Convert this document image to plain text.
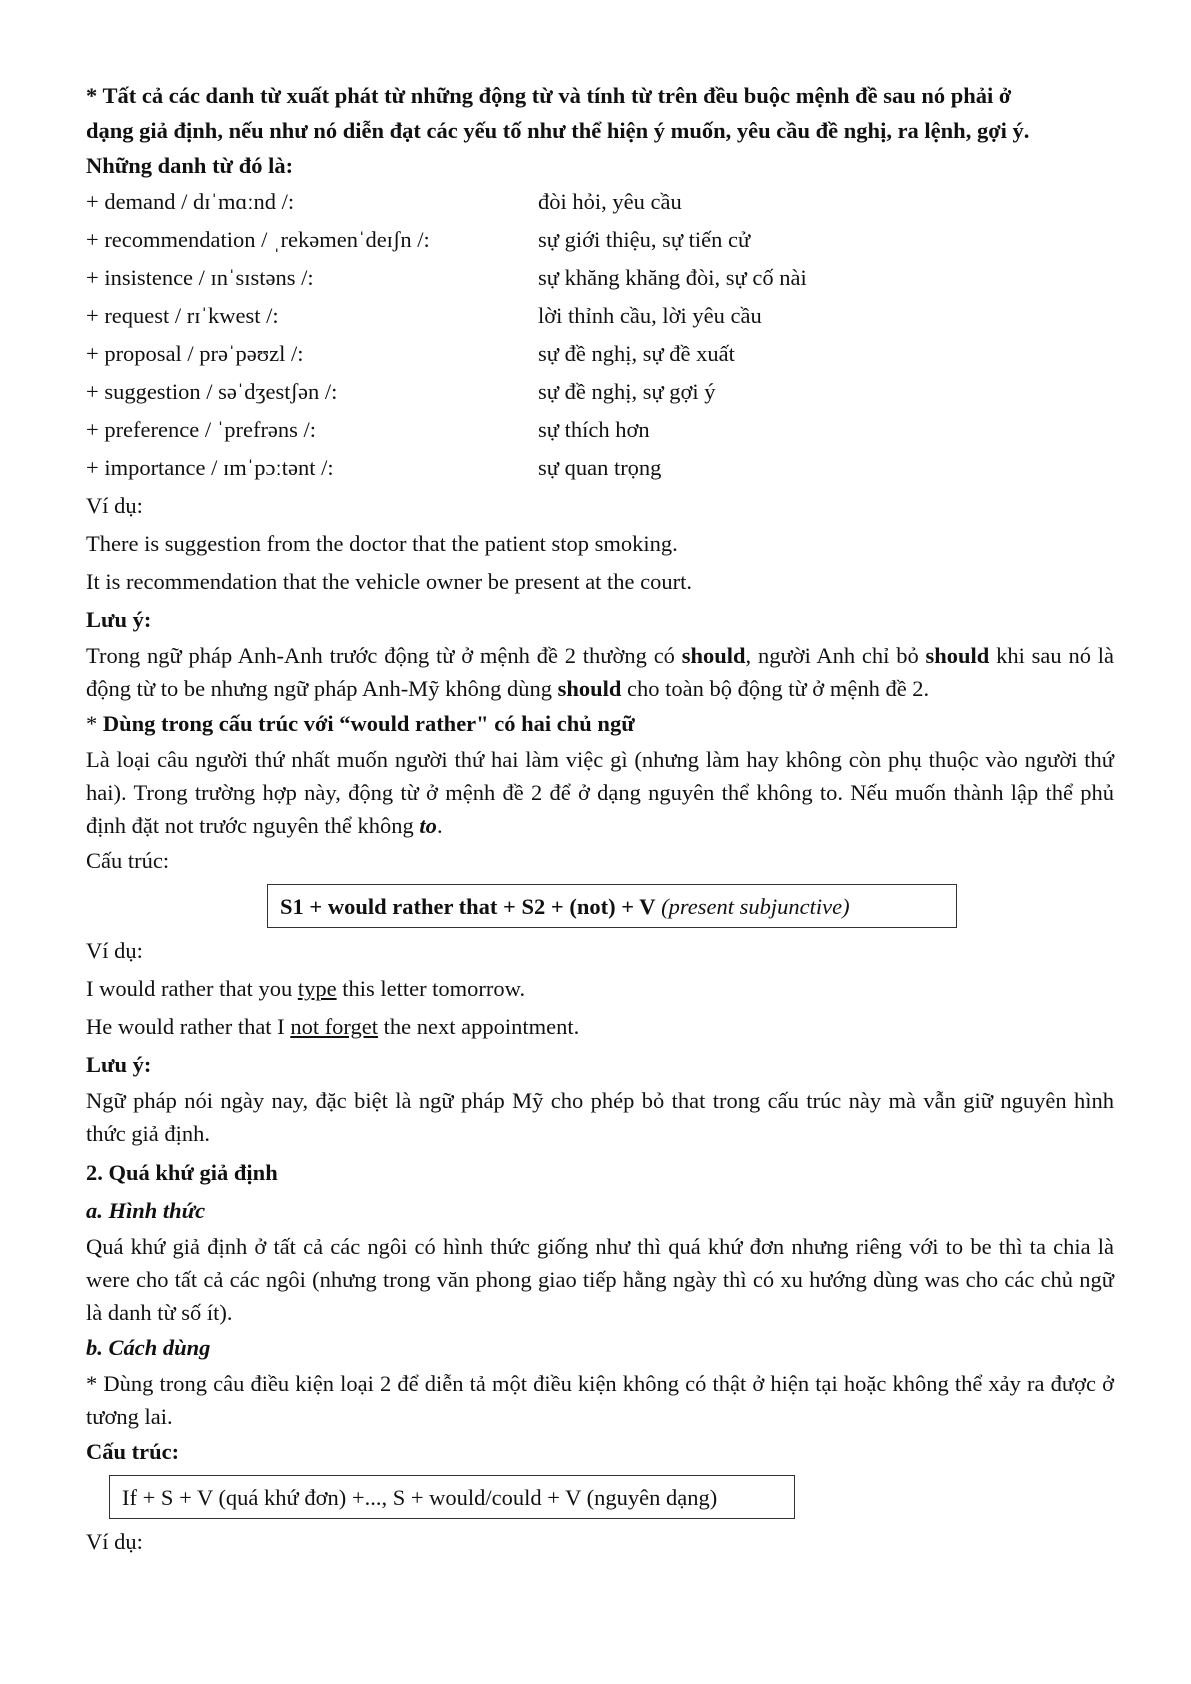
* Tất cả các danh từ xuất phát từ những động từ và tính từ trên đều buộc mệnh đề sau nó phải ở
dạng giả định, nếu như nó diễn đạt các yếu tố như thể hiện ý muốn, yêu cầu đề nghị, ra lệnh, gợi ý.
Những danh từ đó là:

+ demand / dɪˈmɑːnd /:	đòi hỏi, yêu cầu
+ recommendation / ˌrekəmenˈdeɪʃn /:	sự giới thiệu, sự tiến cử
+ insistence / ɪnˈsɪstəns /:	sự khăng khăng đòi, sự cố nài
+ request / rɪˈkwest /:	lời thỉnh cầu, lời yêu cầu
+ proposal / prəˈpəʊzl /:	sự đề nghị, sự đề xuất
+ suggestion / səˈdʒestʃən /:	sự đề nghị, sự gợi ý
+ preference / ˈprefrəns /:	sự thích hơn
+ importance / ɪmˈpɔːtənt /:	sự quan trọng

Ví dụ:

There is suggestion from the doctor that the patient stop smoking.

It is recommendation that the vehicle owner be present at the court.

Lưu ý:

Trong ngữ pháp Anh-Anh trước động từ ở mệnh đề 2 thường có should, người Anh chỉ bỏ should khi sau nó là động từ to be nhưng ngữ pháp Anh-Mỹ không dùng should cho toàn bộ động từ ở mệnh đề 2.

* Dùng trong cấu trúc với “would rather" có hai chủ ngữ

Là loại câu người thứ nhất muốn người thứ hai làm việc gì (nhưng làm hay không còn phụ thuộc vào người thứ hai). Trong trường hợp này, động từ ở mệnh đề 2 để ở dạng nguyên thể không to. Nếu muốn thành lập thể phủ định đặt not trước nguyên thể không to.

Cấu trúc:

S1 + would rather that + S2 + (not) + V (present subjunctive)

Ví dụ:

I would rather that you type this letter tomorrow.

He would rather that I not forget the next appointment.

Lưu ý:

Ngữ pháp nói ngày nay, đặc biệt là ngữ pháp Mỹ cho phép bỏ that trong cấu trúc này mà vẫn giữ nguyên hình thức giả định.

2. Quá khứ giả định

a. Hình thức

Quá khứ giả định ở tất cả các ngôi có hình thức giống như thì quá khứ đơn nhưng riêng với to be thì ta chia là were cho tất cả các ngôi (nhưng trong văn phong giao tiếp hằng ngày thì có xu hướng dùng was cho các chủ ngữ là danh từ số ít).

b. Cách dùng

* Dùng trong câu điều kiện loại 2 để diễn tả một điều kiện không có thật ở hiện tại hoặc không thể xảy ra được ở tương lai.

Cấu trúc:

If + S + V (quá khứ đơn) +..., S + would/could + V (nguyên dạng)

Ví dụ:
